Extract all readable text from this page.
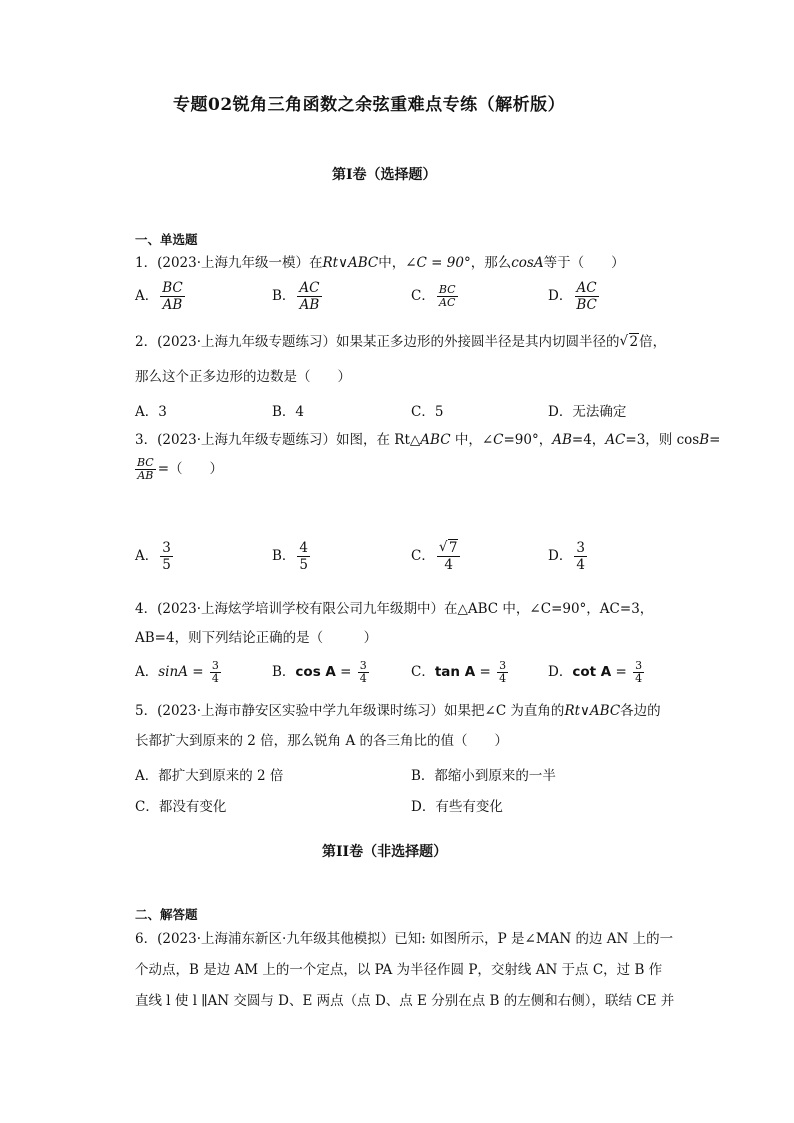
专题02锐角三角函数之余弦重难点专练（解析版）
第I卷（选择题）
一、单选题
1．(2023·上海九年级一模）在Rt∨ABC中，∠C = 90°，那么cosA等于（　　）
A． $\frac{BC}{AB}$	B． $\frac{AC}{AB}$	C． $\frac{BC}{AC}$	D． $\frac{AC}{BC}$
2．(2023·上海九年级专题练习）如果某正多边形的外接圆半径是其内切圆半径的 √ 2倍，
那么这个正多边形的边数是（　　）
A．3	B．4	C．5	D．无法确定
3．(2023·上海九年级专题练习）如图，在 Rt△ABC 中，∠C=90°，AB=4，AC=3，则 cosB=
$\frac{BC}{AB}$ =（　　）
A． $\frac{3}{5}$	B． $\frac{4}{5}$	C． √ $\frac{7}{4}$	D． $\frac{3}{4}$
4．(2023·上海炫学培训学校有限公司九年级期中）在△ABC 中，∠C=90°，AC=3，
AB=4，则下列结论正确的是（　　　）
A．$\sin A = \frac{3}{4}$	B．$\cos A = \frac{3}{4}$	C．$\tan A = \frac{3}{4}$	D．$\cot A = \frac{3}{4}$
5．(2023·上海市静安区实验中学九年级课时练习）如果把∠C 为直角的Rt∨ABC各边的
长都扩大到原来的 2 倍，那么锐角 A 的各三角比的值（　　）
A．都扩大到原来的 2 倍	B．都缩小到原来的一半
C．都没有变化	D．有些有变化
第II卷（非选择题）
二、解答题
6．(2023·上海浦东新区·九年级其他模拟）已知: 如图所示，P 是∠MAN 的边 AN 上的一
个动点，B 是边 AM 上的一个定点，以 PA 为半径作圆 P，交射线 AN 于点 C，过 B 作
直线 l 使 l ∥AN 交圆与 D、E 两点（点 D、点 E 分别在点 B 的左侧和右侧），联结 CE 并
